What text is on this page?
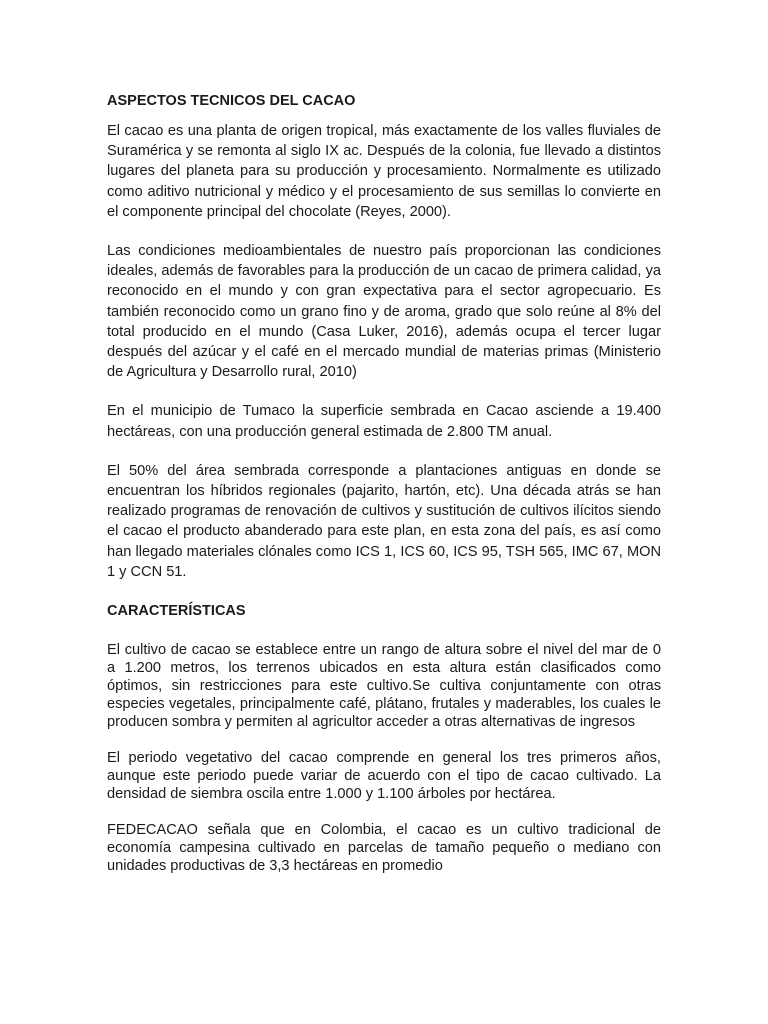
ASPECTOS TECNICOS DEL CACAO

El cacao es una planta de origen tropical, más exactamente de los valles fluviales de Suramérica y se remonta al siglo IX ac. Después de la colonia, fue llevado a distintos lugares del planeta para su producción y procesamiento. Normalmente es utilizado como aditivo nutricional y médico y el procesamiento de sus semillas lo convierte en el componente principal del chocolate (Reyes, 2000).

Las condiciones medioambientales de nuestro país proporcionan las condiciones ideales, además de favorables para la producción de un cacao de primera calidad, ya reconocido en el mundo y con gran expectativa para el sector agropecuario. Es también reconocido como un grano fino y de aroma, grado que solo reúne al 8% del total producido en el mundo (Casa Luker, 2016), además ocupa el tercer lugar después del azúcar y el café en el mercado mundial de materias primas (Ministerio de Agricultura y Desarrollo rural, 2010)

En el municipio de Tumaco la superficie sembrada en Cacao asciende a 19.400 hectáreas, con una producción general estimada de 2.800 TM anual.

El 50% del área sembrada corresponde a plantaciones antiguas en donde se encuentran los híbridos regionales (pajarito, hartón, etc). Una década atrás se han realizado programas de renovación de cultivos y sustitución de cultivos ilícitos siendo el cacao el producto abanderado para este plan, en esta zona del país, es así como han llegado materiales clónales como ICS 1, ICS 60, ICS 95, TSH 565, IMC 67, MON 1 y CCN 51.

CARACTERÍSTICAS

El cultivo de cacao se establece entre un rango de altura sobre el nivel del mar de 0 a 1.200 metros, los terrenos ubicados en esta altura están clasificados como óptimos, sin restricciones para este cultivo.Se cultiva conjuntamente con otras especies vegetales, principalmente café, plátano, frutales y maderables, los cuales le producen sombra y permiten al agricultor acceder a otras alternativas de ingresos

El periodo vegetativo del cacao comprende en general los tres primeros años, aunque este periodo puede variar de acuerdo con el tipo de cacao cultivado. La densidad de siembra oscila entre 1.000 y 1.100 árboles por hectárea.

FEDECACAO señala que en Colombia, el cacao es un cultivo tradicional de economía campesina cultivado en parcelas de tamaño pequeño o mediano con unidades productivas de 3,3 hectáreas en promedio
